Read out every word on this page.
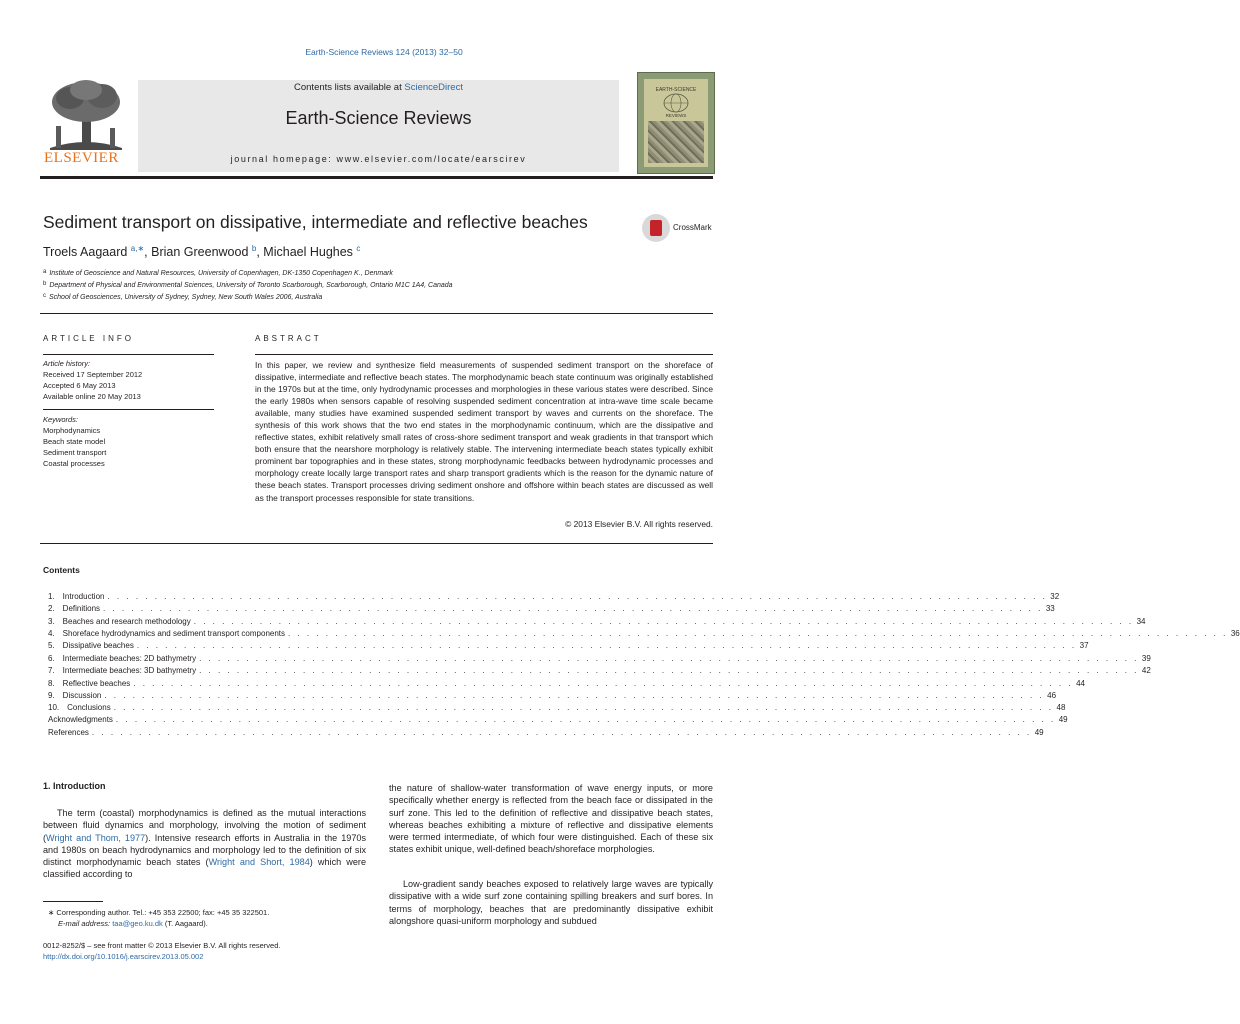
Earth-Science Reviews 124 (2013) 32–50
ELSEVIER
Contents lists available at ScienceDirect
Earth-Science Reviews
journal homepage: www.elsevier.com/locate/earscirev
EARTH-SCIENCE
REVIEWS
Sediment transport on dissipative, intermediate and reflective beaches	CrossMark
Troels Aagaard $^{a,∗}$, Brian Greenwood $^b$, Michael Hughes $^c$
a Institute of Geoscience and Natural Resources, University of Copenhagen, DK-1350 Copenhagen K., Denmark
b Department of Physical and Environmental Sciences, University of Toronto Scarborough, Scarborough, Ontario M1C 1A4, Canada
c School of Geosciences, University of Sydney, Sydney, New South Wales 2006, Australia
ARTICLE INFO	ABSTRACT
Article history:
Received 17 September 2012
Accepted 6 May 2013
Available online 20 May 2013
Keywords:
Morphodynamics
Beach state model
Sediment transport
Coastal processes
In this paper, we review and synthesize field measurements of suspended sediment transport on the shoreface of dissipative, intermediate and reflective beach states. The morphodynamic beach state continuum was originally established in the 1970s but at the time, only hydrodynamic processes and morphologies in these various states were described. Since the early 1980s when sensors capable of resolving suspended sediment concentration at intra-wave time scale became available, many studies have examined suspended sediment transport by waves and currents on the shoreface. The synthesis of this work shows that the two end states in the morphodynamic continuum, which are the dissipative and reflective states, exhibit relatively small rates of cross-shore sediment transport and weak gradients in that transport which both ensure that the nearshore morphology is relatively stable. The intervening intermediate beach states typically exhibit prominent bar topographies and in these states, strong morphodynamic feedbacks between hydrodynamic processes and morphology create locally large transport rates and sharp transport gradients which is the reason for the dynamic nature of these beach states. Transport processes driving sediment onshore and offshore within beach states are discussed as well as the transport processes responsible for state transitions.
© 2013 Elsevier B.V. All rights reserved.
Contents
1.	Introduction . . . . . . . . . . . . . . . . . . . . . . . . . . . . . . . . . . . . . . . . . . . . . . . . . . . . . . . . . . . . . . . . . . . . . . . . . . . . . . . . . . . . . . . . . . . . . . . . . . . . 32
2.	Definitions . . . . . . . . . . . . . . . . . . . . . . . . . . . . . . . . . . . . . . . . . . . . . . . . . . . . . . . . . . . . . . . . . . . . . . . . . . . . . . . . . . . . . . . . . . . . . . . . . . . . 33
3.	Beaches and research methodology . . . . . . . . . . . . . . . . . . . . . . . . . . . . . . . . . . . . . . . . . . . . . . . . . . . . . . . . . . . . . . . . . . . . . . . . . . . . . . . . . . . . . . . . . . . . . . . . . . . . 34
4.	Shoreface hydrodynamics and sediment transport components . . . . . . . . . . . . . . . . . . . . . . . . . . . . . . . . . . . . . . . . . . . . . . . . . . . . . . . . . . . . . . . . . . . . . . . . . . . . . . . . . . . . . . . . . . . . . . . . . . . . 36
5.	Dissipative beaches . . . . . . . . . . . . . . . . . . . . . . . . . . . . . . . . . . . . . . . . . . . . . . . . . . . . . . . . . . . . . . . . . . . . . . . . . . . . . . . . . . . . . . . . . . . . . . . . . . . . 37
6.	Intermediate beaches: 2D bathymetry . . . . . . . . . . . . . . . . . . . . . . . . . . . . . . . . . . . . . . . . . . . . . . . . . . . . . . . . . . . . . . . . . . . . . . . . . . . . . . . . . . . . . . . . . . . . . . . . . . . . 39
7.	Intermediate beaches: 3D bathymetry . . . . . . . . . . . . . . . . . . . . . . . . . . . . . . . . . . . . . . . . . . . . . . . . . . . . . . . . . . . . . . . . . . . . . . . . . . . . . . . . . . . . . . . . . . . . . . . . . . . . 42
8.	Reflective beaches . . . . . . . . . . . . . . . . . . . . . . . . . . . . . . . . . . . . . . . . . . . . . . . . . . . . . . . . . . . . . . . . . . . . . . . . . . . . . . . . . . . . . . . . . . . . . . . . . . . . 44
9.	Discussion . . . . . . . . . . . . . . . . . . . . . . . . . . . . . . . . . . . . . . . . . . . . . . . . . . . . . . . . . . . . . . . . . . . . . . . . . . . . . . . . . . . . . . . . . . . . . . . . . . . . 46
10.	Conclusions . . . . . . . . . . . . . . . . . . . . . . . . . . . . . . . . . . . . . . . . . . . . . . . . . . . . . . . . . . . . . . . . . . . . . . . . . . . . . . . . . . . . . . . . . . . . . . . . . . . . 48
Acknowledgments . . . . . . . . . . . . . . . . . . . . . . . . . . . . . . . . . . . . . . . . . . . . . . . . . . . . . . . . . . . . . . . . . . . . . . . . . . . . . . . . . . . . . . . . . . . . . . . . . . . . 49
References . . . . . . . . . . . . . . . . . . . . . . . . . . . . . . . . . . . . . . . . . . . . . . . . . . . . . . . . . . . . . . . . . . . . . . . . . . . . . . . . . . . . . . . . . . . . . . . . . . . . 49
1. Introduction
The term (coastal) morphodynamics is defined as the mutual interactions between fluid dynamics and morphology, involving the motion of sediment (Wright and Thom, 1977). Intensive research efforts in Australia in the 1970s and 1980s on beach hydrodynamics and morphology led to the definition of six distinct morphodynamic beach states (Wright and Short, 1984) which were classified according to
the nature of shallow-water transformation of wave energy inputs, or more specifically whether energy is reflected from the beach face or dissipated in the surf zone. This led to the definition of reflective and dissipative beach states, whereas beaches exhibiting a mixture of reflective and dissipative elements were termed intermediate, of which four were distinguished. Each of these six states exhibit unique, well-defined beach/shoreface morphologies.
Low-gradient sandy beaches exposed to relatively large waves are typically dissipative with a wide surf zone containing spilling breakers and surf bores. In terms of morphology, beaches that are predominantly dissipative exhibit alongshore quasi-uniform morphology and subdued
∗ Corresponding author. Tel.: +45 353 22500; fax: +45 35 322501.
E-mail address: taa@geo.ku.dk (T. Aagaard).
0012-8252/$ – see front matter © 2013 Elsevier B.V. All rights reserved.
http://dx.doi.org/10.1016/j.earscirev.2013.05.002
